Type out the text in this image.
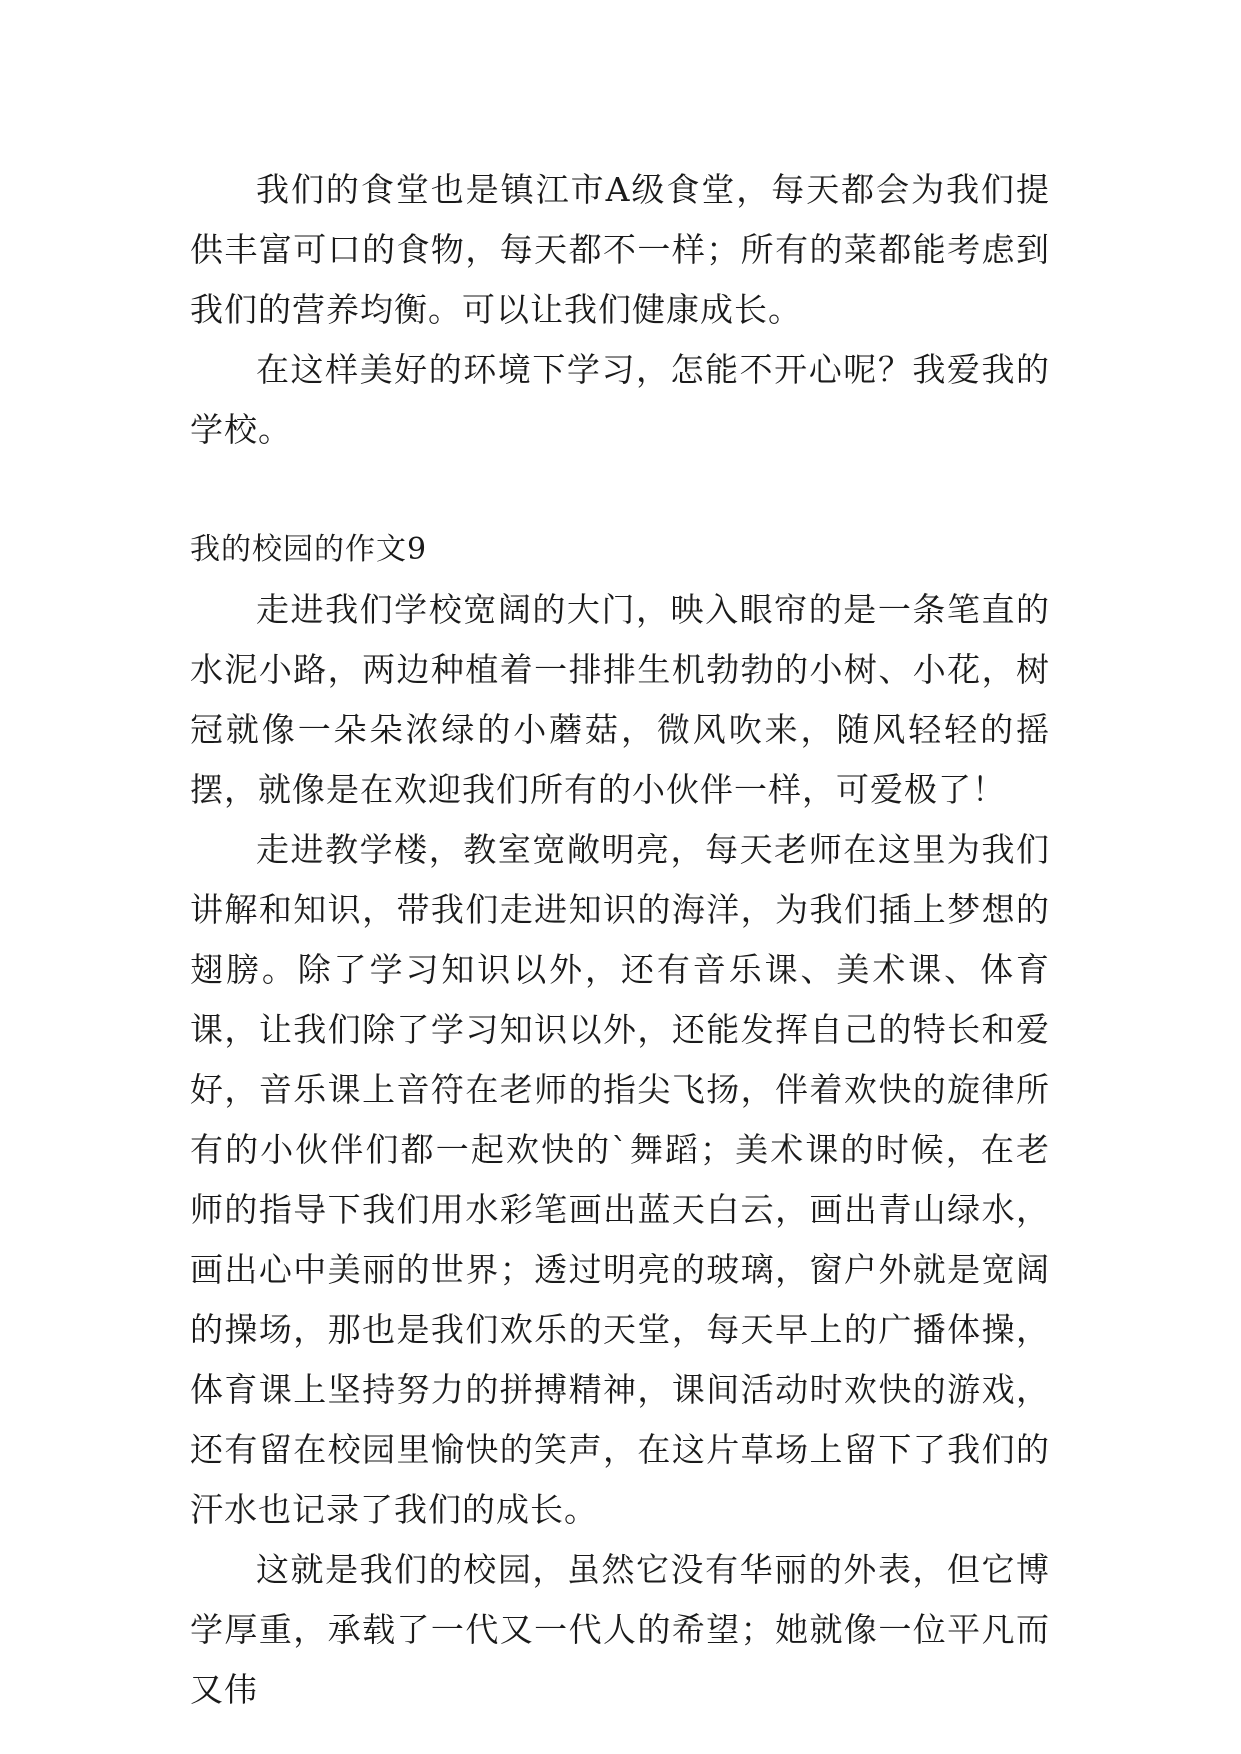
我们的食堂也是镇江市A级食堂，每天都会为我们提供丰富可口的食物，每天都不一样；所有的菜都能考虑到我们的营养均衡。可以让我们健康成长。

在这样美好的环境下学习，怎能不开心呢？我爱我的学校。

我的校园的作文9

走进我们学校宽阔的大门，映入眼帘的是一条笔直的水泥小路，两边种植着一排排生机勃勃的小树、小花，树冠就像一朵朵浓绿的小蘑菇，微风吹来，随风轻轻的摇摆，就像是在欢迎我们所有的小伙伴一样，可爱极了！

走进教学楼，教室宽敞明亮，每天老师在这里为我们讲解和知识，带我们走进知识的海洋，为我们插上梦想的翅膀。除了学习知识以外，还有音乐课、美术课、体育课，让我们除了学习知识以外，还能发挥自己的特长和爱好，音乐课上音符在老师的指尖飞扬，伴着欢快的旋律所有的小伙伴们都一起欢快的`舞蹈；美术课的时候，在老师的指导下我们用水彩笔画出蓝天白云，画出青山绿水，画出心中美丽的世界；透过明亮的玻璃，窗户外就是宽阔的操场，那也是我们欢乐的天堂，每天早上的广播体操，体育课上坚持努力的拼搏精神，课间活动时欢快的游戏，还有留在校园里愉快的笑声，在这片草场上留下了我们的汗水也记录了我们的成长。

这就是我们的校园，虽然它没有华丽的外表，但它博学厚重，承载了一代又一代人的希望；她就像一位平凡而又伟
